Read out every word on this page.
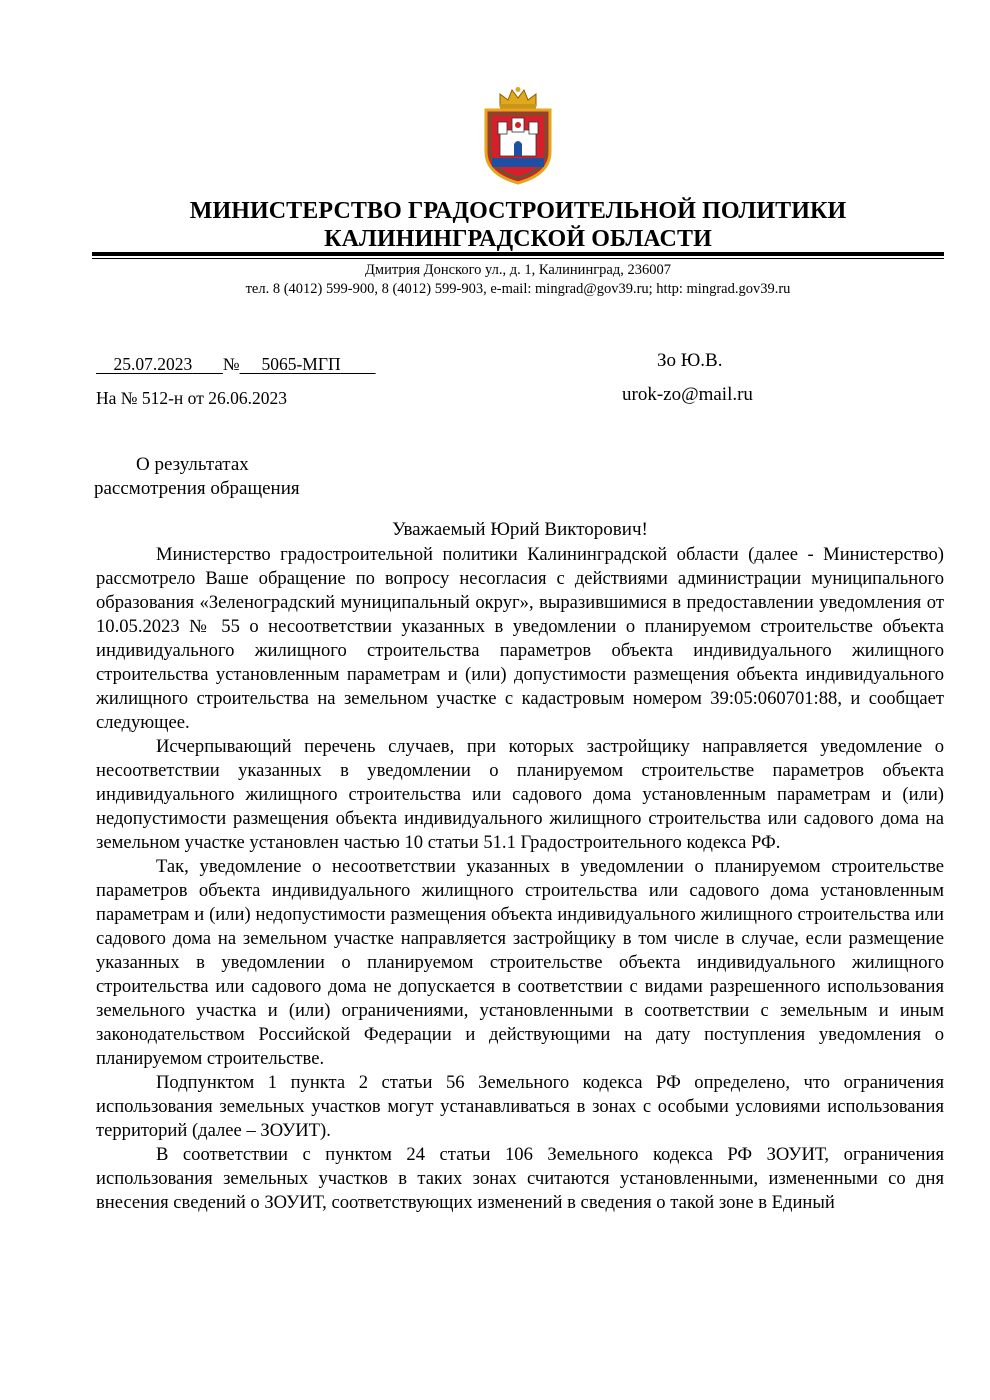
МИНИСТЕРСТВО ГРАДОСТРОИТЕЛЬНОЙ ПОЛИТИКИ
КАЛИНИНГРАДСКОЙ ОБЛАСТИ
Дмитрия Донского ул., д. 1, Калининград, 236007
тел. 8 (4012) 599-900, 8 (4012) 599-903, e-mail: mingrad@gov39.ru; http: mingrad.gov39.ru
25.07.2023 № 5065-МГП
На № 512-н от 26.06.2023
Зо Ю.В.
urok-zo@mail.ru
О результатах
рассмотрения обращения
Уважаемый Юрий Викторович!

Министерство градостроительной политики Калининградской области (далее - Министерство) рассмотрело Ваше обращение по вопросу несогласия с действиями администрации муниципального образования «Зеленоградский муниципальный округ», выразившимися в предоставлении уведомления от 10.05.2023 № 55 о несоответствии указанных в уведомлении о планируемом строительстве объекта индивидуального жилищного строительства параметров объекта индивидуального жилищного строительства установленным параметрам и (или) допустимости размещения объекта индивидуального жилищного строительства на земельном участке с кадастровым номером 39:05:060701:88, и сообщает следующее.

Исчерпывающий перечень случаев, при которых застройщику направляется уведомление о несоответствии указанных в уведомлении о планируемом строительстве параметров объекта индивидуального жилищного строительства или садового дома установленным параметрам и (или) недопустимости размещения объекта индивидуального жилищного строительства или садового дома на земельном участке установлен частью 10 статьи 51.1 Градостроительного кодекса РФ.

Так, уведомление о несоответствии указанных в уведомлении о планируемом строительстве параметров объекта индивидуального жилищного строительства или садового дома установленным параметрам и (или) недопустимости размещения объекта индивидуального жилищного строительства или садового дома на земельном участке направляется застройщику в том числе в случае, если размещение указанных в уведомлении о планируемом строительстве объекта индивидуального жилищного строительства или садового дома не допускается в соответствии с видами разрешенного использования земельного участка и (или) ограничениями, установленными в соответствии с земельным и иным законодательством Российской Федерации и действующими на дату поступления уведомления о планируемом строительстве.

Подпунктом 1 пункта 2 статьи 56 Земельного кодекса РФ определено, что ограничения использования земельных участков могут устанавливаться в зонах с особыми условиями использования территорий (далее – ЗОУИТ).

В соответствии с пунктом 24 статьи 106 Земельного кодекса РФ ЗОУИТ, ограничения использования земельных участков в таких зонах считаются установленными, измененными со дня внесения сведений о ЗОУИТ, соответствующих изменений в сведения о такой зоне в Единый
